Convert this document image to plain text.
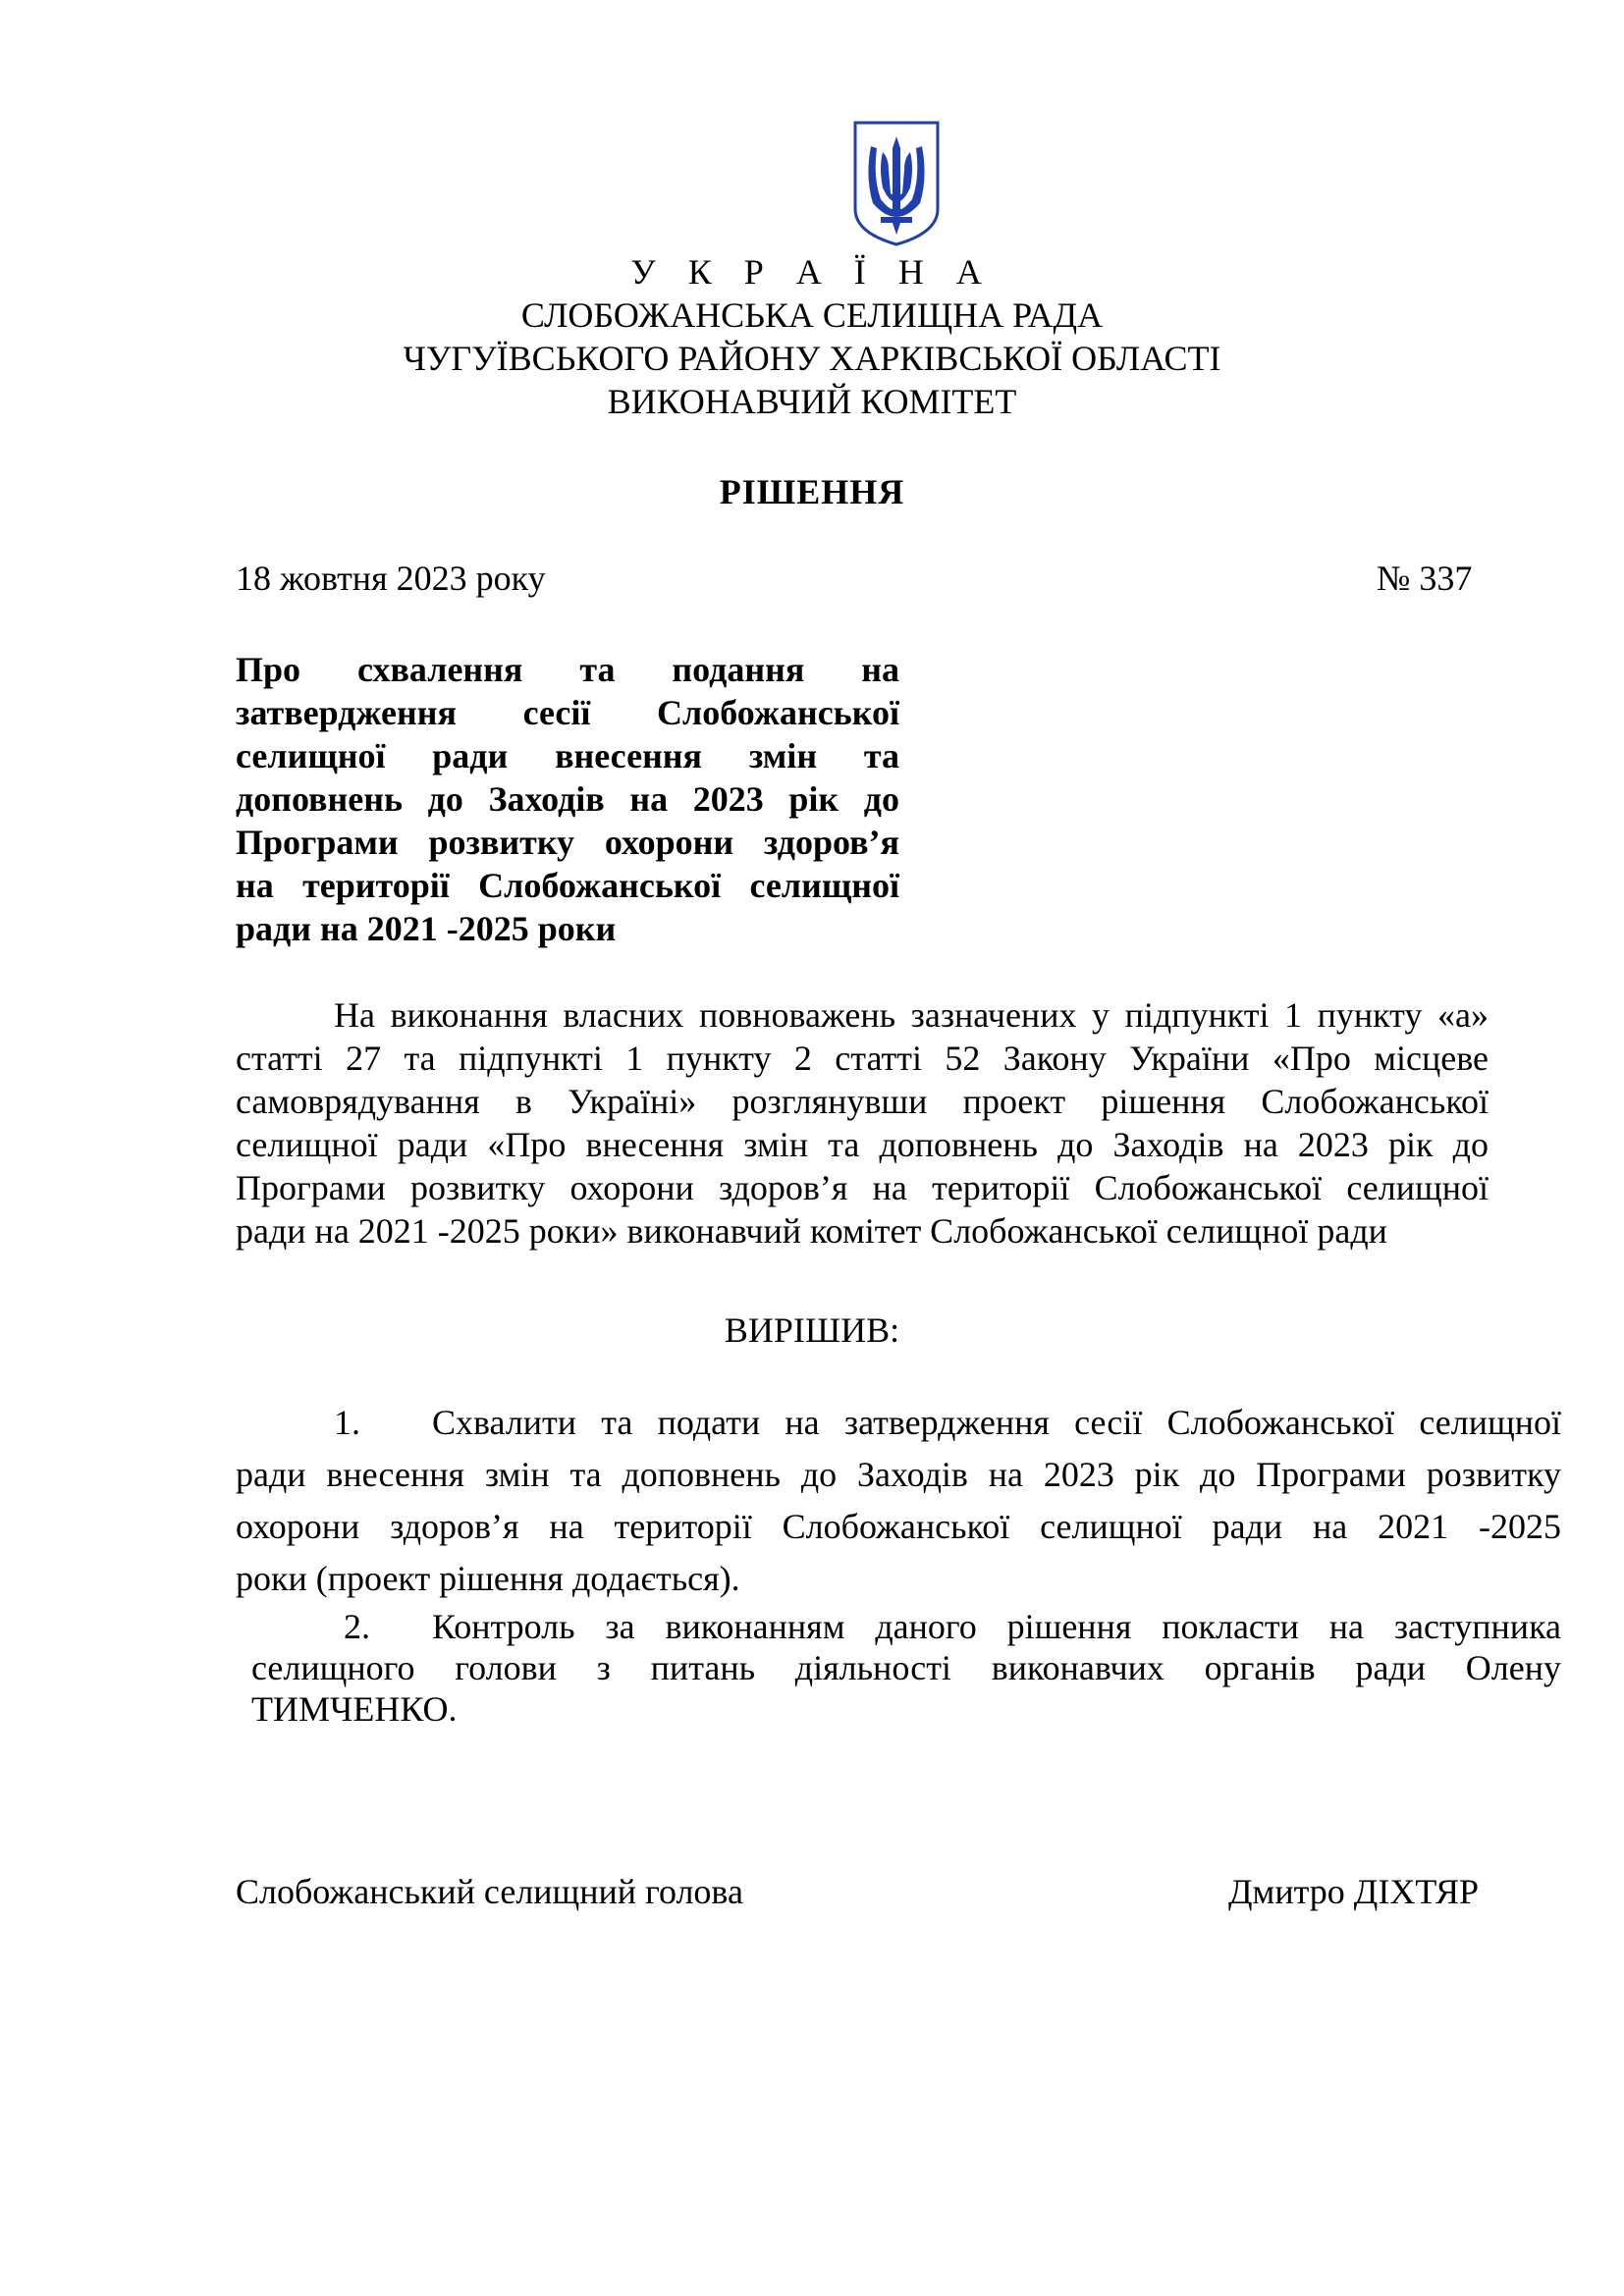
У К Р А Ї Н А
СЛОБОЖАНСЬКА СЕЛИЩНА РАДА
ЧУГУЇВСЬКОГО РАЙОНУ ХАРКІВСЬКОЇ ОБЛАСТІ
ВИКОНАВЧИЙ КОМІТЕТ
РІШЕННЯ
18 жовтня 2023 року	№ 337
Про схвалення та подання на
затвердження сесії Слобожанської
селищної ради внесення змін та
доповнень до Заходів на 2023 рік до
Програми розвитку охорони здоров’я
на території Слобожанської селищної
ради на 2021 -2025 роки
На виконання власних повноважень зазначених у підпункті 1 пункту «а»
статті 27 та підпункті 1 пункту 2 статті 52 Закону України «Про місцеве
самоврядування в Україні» розглянувши проект рішення Слобожанської
селищної ради «Про внесення змін та доповнень до Заходів на 2023 рік до
Програми розвитку охорони здоров’я на території Слобожанської селищної
ради на 2021 -2025 роки» виконавчий комітет Слобожанської селищної ради
ВИРІШИВ:
1. Схвалити та подати на затвердження сесії Слобожанської селищної
ради внесення змін та доповнень до Заходів на 2023 рік до Програми розвитку
охорони здоров’я на території Слобожанської селищної ради на 2021 -2025
роки (проект рішення додається).
2. Контроль за виконанням даного рішення покласти на заступника
селищного голови з питань діяльності виконавчих органів ради Олену
ТИМЧЕНКО.
Слобожанський селищний голова	Дмитро ДІХТЯР
